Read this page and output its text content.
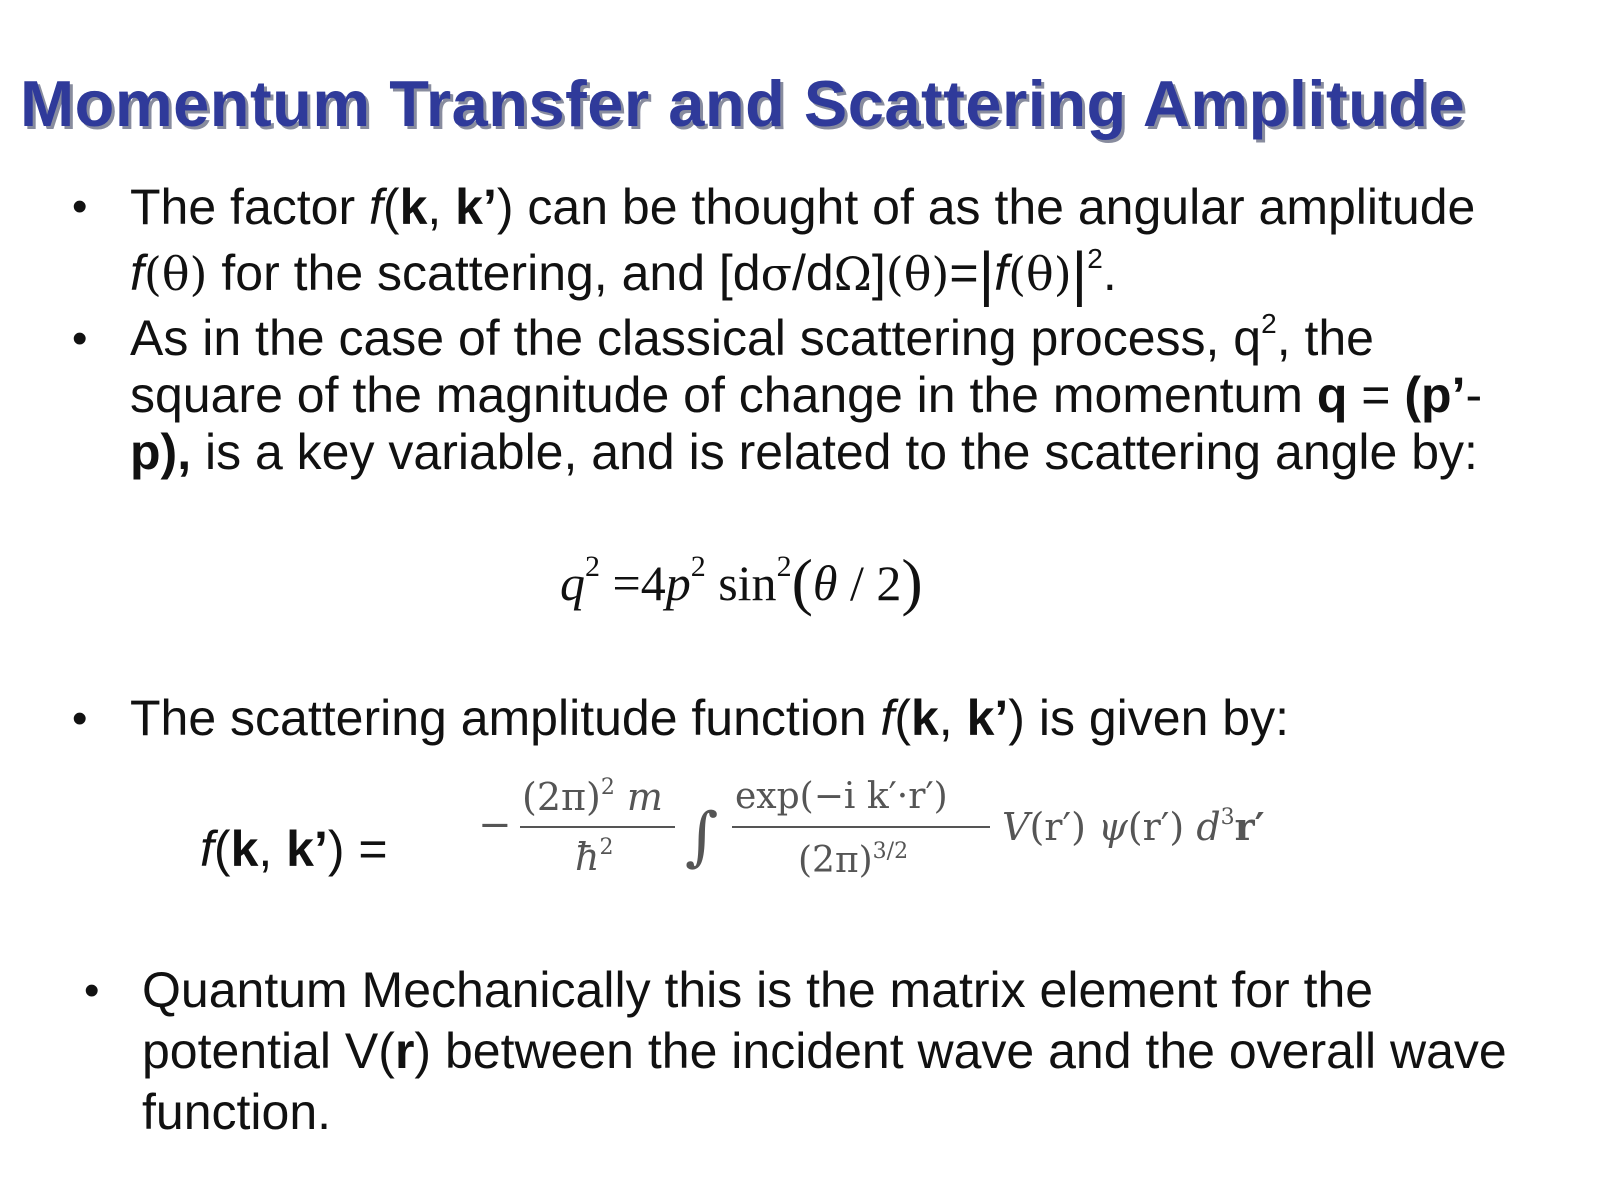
Momentum Transfer and Scattering Amplitude
• The factor f(k, k’) can be thought of as the angular amplitude f(θ) for the scattering, and $[d\sigma/d\Omega](\theta)=|f(\theta)|^2$.
• As in the case of the classical scattering process, $q^2$, the square of the magnitude of change in the momentum q = (p’- p), is a key variable, and is related to the scattering angle by:
$q^2 =4p^2$ $\sin^2(\theta / 2)$
• The scattering amplitude function f(k, k’) is given by:
f(k, k’) = −
$(2\pi)^2$ m
$ħ^2$ ∫
exp(−i k′·r′)
$(2\pi)^{3/2}$
V(r′) ψ(r′) $d^3r'$
• Quantum Mechanically this is the matrix element for the potential V(r) between the incident wave and the overall wave function.
